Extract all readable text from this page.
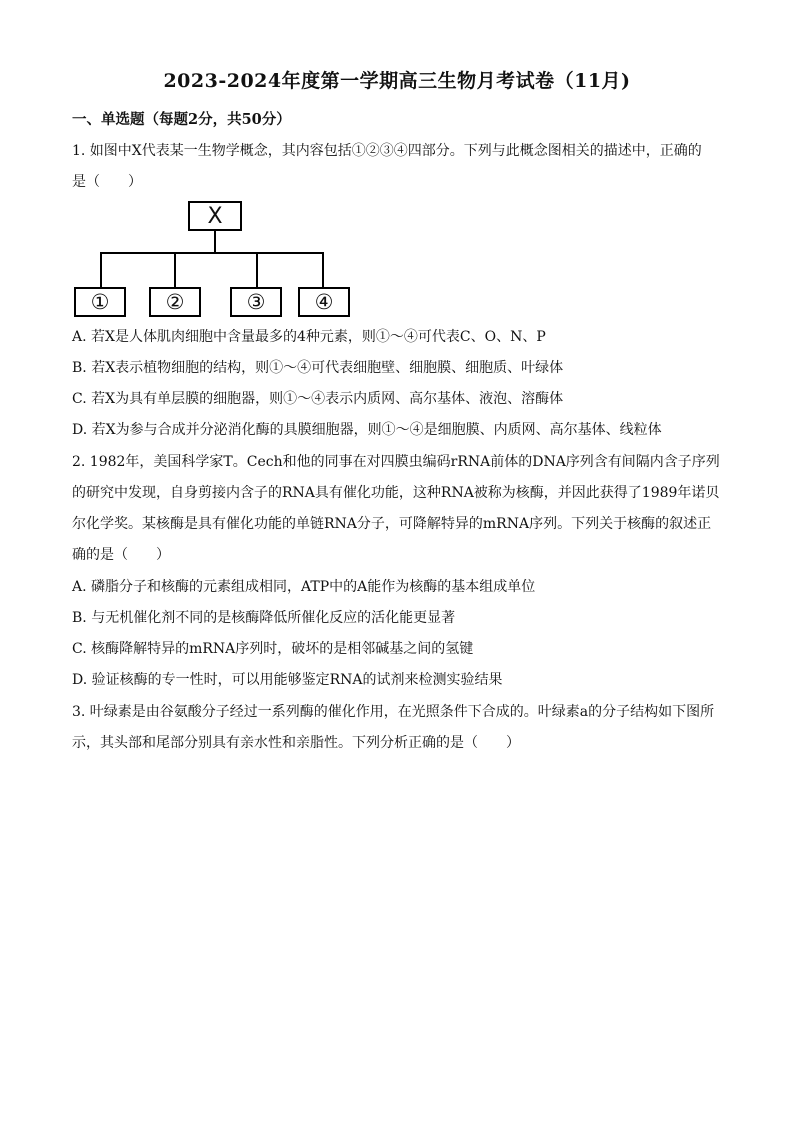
2023-2024年度第一学期高三生物月考试卷（11月)
一、单选题（每题2分，共50分）
1. 如图中X代表某一生物学概念，其内容包括①②③④四部分。下列与此概念图相关的描述中，正确的
是（　　）
X
①	②	③	④
A. 若X是人体肌肉细胞中含量最多的4种元素，则①～④可代表C、O、N、P
B. 若X表示植物细胞的结构，则①～④可代表细胞壁、细胞膜、细胞质、叶绿体
C. 若X为具有单层膜的细胞器，则①～④表示内质网、高尔基体、液泡、溶酶体
D. 若X为参与合成并分泌消化酶的具膜细胞器，则①～④是细胞膜、内质网、高尔基体、线粒体
2. 1982年，美国科学家T。Cech和他的同事在对四膜虫编码rRNA前体的DNA序列含有间隔内含子序列
的研究中发现，自身剪接内含子的RNA具有催化功能，这种RNA被称为核酶，并因此获得了1989年诺贝
尔化学奖。某核酶是具有催化功能的单链RNA分子，可降解特异的mRNA序列。下列关于核酶的叙述正
确的是（　　）
A. 磷脂分子和核酶的元素组成相同，ATP中的A能作为核酶的基本组成单位
B. 与无机催化剂不同的是核酶降低所催化反应的活化能更显著
C. 核酶降解特异的mRNA序列时，破坏的是相邻碱基之间的氢键
D. 验证核酶的专一性时，可以用能够鉴定RNA的试剂来检测实验结果
3. 叶绿素是由谷氨酸分子经过一系列酶的催化作用，在光照条件下合成的。叶绿素a的分子结构如下图所
示，其头部和尾部分别具有亲水性和亲脂性。下列分析正确的是（　　）
